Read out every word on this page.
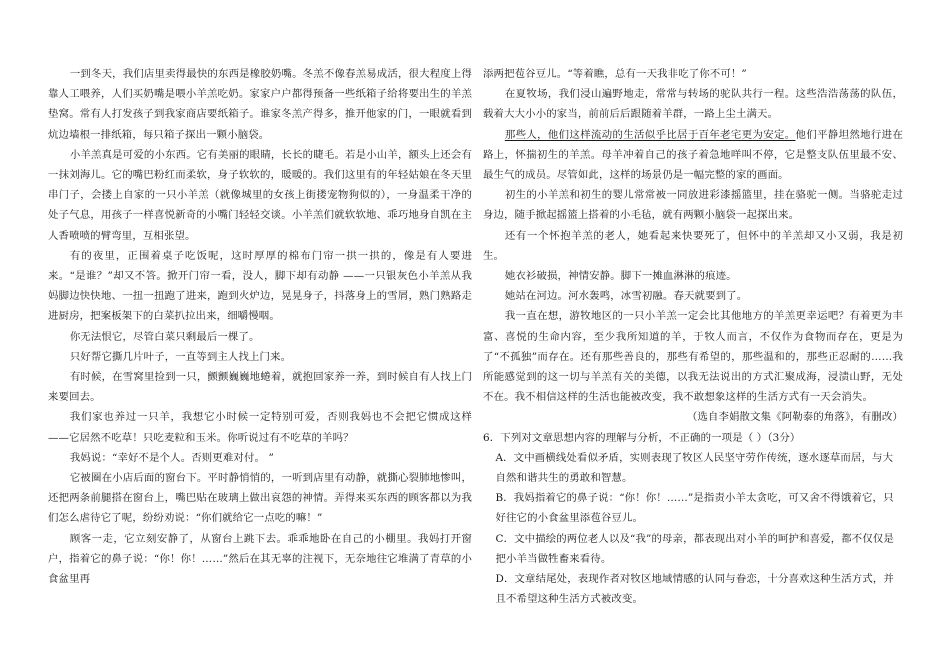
一到冬天，我们店里卖得最快的东西是橡胶奶嘴。冬羔不像春羔易成活，很大程度上得靠人工喂养，人们买奶嘴是喂小羊羔吃奶。家家户户都得预备一些纸箱子给将要出生的羊羔垫窝。常有人打发孩子到我家商店要纸箱子。谁家冬羔产得多，推开他家的门，一眼就看到炕边墙根一排纸箱，每只箱子探出一颗小脑袋。

小羊羔真是可爱的小东西。它有美丽的眼睛，长长的睫毛。若是小山羊，额头上还会有一抹刘海儿。它的嘴巴粉红而柔软，身子软软的，暖暖的。我们这里有的年轻姑娘在冬天里串门子，会搂上自家的一只小羊羔（就像城里的女孩上街搂宠物狗似的），一身温柔干净的处子气息，用孩子一样喜悦新奇的小嘴门轻轻交谈。小羊羔们就软软地、乖巧地身自凯在主人香喷喷的臂弯里，互相张望。

有的夜里，正围着桌子吃饭呢，这时厚厚的棉布门帘一拱一拱的，像是有人要进来。“是谁？”却又不答。掀开门帘一看，没人，脚下却有动静 ——一只银灰色小羊羔从我妈脚边快快地、一扭一扭跑了进来，跑到火炉边，晃晃身子，抖落身上的雪屑，熟门熟路走进厨房，把案板架下的白菜扒拉出来，细嚼慢咽。

你无法恨它，尽管白菜只剩最后一棵了。

只好帮它撕几片叶子，一直等到主人找上门来。

有时候，在雪窝里捡到一只，颤颤巍巍地蜷着，就抱回家养一养，到时候自有人找上门来要回去。

我们家也养过一只羊，我想它小时候一定特别可爱，否则我妈也不会把它惯成这样 ——它居然不吃草！只吃麦粒和玉米。你听说过有不吃草的羊吗？

我妈说：“幸好不是个人。否则更难对付。 ”

它被圈在小店后面的窗台下。平时静悄悄的，一听到店里有动静，就撕心裂肺地惨叫，还把两条前腿搭在窗台上，嘴巴贴在玻璃上做出哀怨的神情。弄得来买东西的顾客都以为我们怎么虐待它了呢，纷纷劝说：“你们就给它一点吃的嘛！”

顾客一走，它立刻安静了，从窗台上跳下去。乖乖地卧在自己的小棚里。我妈打开窗户，指着它的鼻子说：“你！你！……”然后在其无辜的注视下，无奈地往它堆满了青草的小食盆里再

添两把苞谷豆儿。“等着瞧，总有一天我非吃了你不可！”

在夏牧场，我们浸山遍野地走，常常与转场的驼队共行一程。这些浩浩荡荡的队伍，载着大大小小的家当，前前后后跟随着羊群，一路上尘土满天。

那些人，他们这样流动的生活似乎比居于百年老宅更为安定。他们平静坦然地行进在路上，怀揣初生的羊羔。母羊冲着自己的孩子着急地咩叫不停，它是整支队伍里最不安、最生气的成员。尽管如此，这样的场景仍是一幅完整的家的画面。

初生的小羊羔和初生的婴儿常常被一同放进彩漆摇篮里，挂在骆驼一侧。当骆驼走过身边，随手掀起摇篮上搭着的小毛毡，就有两颗小脑袋一起探出来。

还有一个怀抱羊羔的老人，她看起来快要死了，但怀中的羊羔却又小又弱，我是初生。

她衣衫破损，神情安静。脚下一摊血淋淋的痕迹。

她站在河边。河水轰鸣，冰雪初融。春天就要到了。

我一直在想，游牧地区的一只小羊羔一定会比其他地方的羊羔更幸运吧？有着更为丰富、喜悦的生命内容，至少我所知道的羊，于牧人而言，不仅作为食物而存在，更是为了“不孤独”而存在。还有那些善良的，那些有希望的，那些温和的，那些正忍耐的……我所能感觉到的这一切与羊羔有关的美德，以我无法说出的方式汇聚成海，浸渍山野，无处不在。我不相信这样的生活也能被改变，我不敢想象这样的生活方式有一天会消失。

（选自李娟散文集《阿勒泰的角落》，有删改）

6．下列对文章思想内容的理解与分析，不正确的一项是（ ）（3分）

A．文中画横线处看似矛盾，实则表现了牧区人民坚守劳作传统，逐水逐草而居，与大自然和谐共生的勇敢和智慧。

B．我妈指着它的鼻子说：“你！你！……”是指责小羊太贪吃，可又舍不得饿着它，只好往它的小食盆里添苞谷豆儿。

C．文中描绘的两位老人以及“我”的母亲，都表现出对小羊的呵护和喜爱，都不仅仅是把小羊当做牲畜来看待。

D．文章结尾处，表现作者对牧区地域情感的认同与眷恋，十分喜欢这种生活方式，并且不希望这种生活方式被改变。
